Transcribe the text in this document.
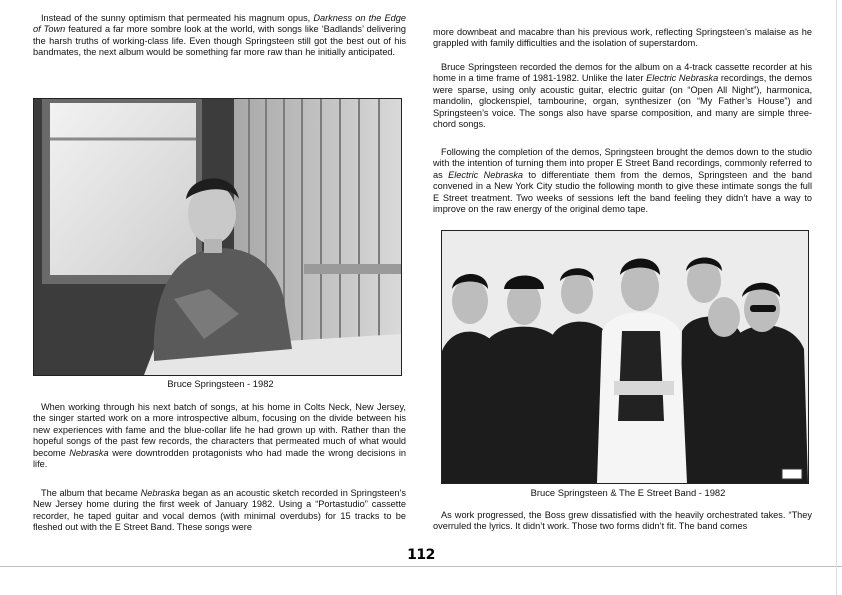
Instead of the sunny optimism that permeated his magnum opus, Darkness on the Edge of Town featured a far more sombre look at the world, with songs like ‘Badlands’ delivering the harsh truths of working-class life. Even though Springsteen still got the best out of his bandmates, the next album would be something far more raw than he initially anticipated.

Bruce Springsteen - 1982

When working through his next batch of songs, at his home in Colts Neck, New Jersey, the singer started work on a more introspective album, focusing on the divide between his new experiences with fame and the blue-collar life he had grown up with. Rather than the hopeful songs of the past few records, the characters that permeated much of what would become Nebraska were downtrodden protagonists who had made the wrong decisions in life.

The album that became Nebraska began as an acoustic sketch recorded in Springsteen’s New Jersey home during the first week of January 1982. Using a “Portastudio” cassette recorder, he taped guitar and vocal demos (with minimal overdubs) for 15 tracks to be fleshed out with the E Street Band. These songs were

more downbeat and macabre than his previous work, reflecting Springsteen’s malaise as he grappled with family difficulties and the isolation of superstardom.

Bruce Springsteen recorded the demos for the album on a 4-track cassette recorder at his home in a time frame of 1981-1982. Unlike the later Electric Nebraska recordings, the demos were sparse, using only acoustic guitar, electric guitar (on “Open All Night”), harmonica, mandolin, glockenspiel, tambourine, organ, synthesizer (on “My Father’s House”) and Springsteen’s voice. The songs also have sparse composition, and many are simple three-chord songs.

Following the completion of the demos, Springsteen brought the demos down to the studio with the intention of turning them into proper E Street Band recordings, commonly referred to as Electric Nebraska to differentiate them from the demos, Springsteen and the band convened in a New York City studio the following month to give these intimate songs the full E Street treatment. Two weeks of sessions left the band feeling they didn’t have a way to improve on the raw energy of the original demo tape.

Bruce Springsteen & The E Street Band - 1982

As work progressed, the Boss grew dissatisfied with the heavily orchestrated takes. “They overruled the lyrics. It didn’t work. Those two forms didn’t fit. The band comes

112
